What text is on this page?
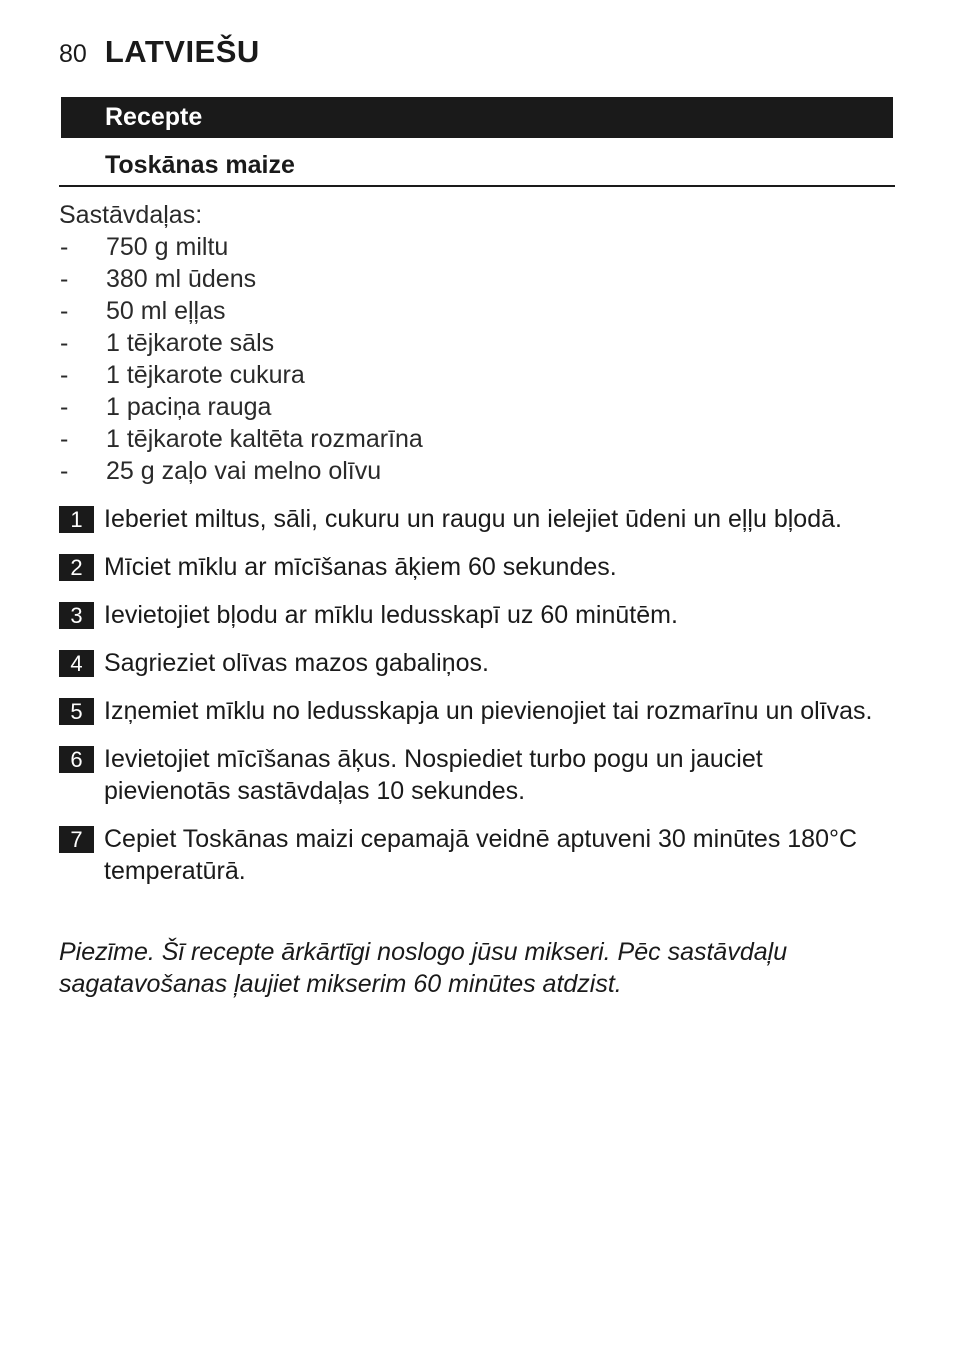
80 LATVIEŠU
Recepte
Toskānas maize
Sastāvdaļas:
-	750 g miltu
-	380 ml ūdens
-	50 ml eļļas
-	1 tējkarote sāls
-	1 tējkarote cukura
-	1 paciņa rauga
-	1 tējkarote kaltēta rozmarīna
-	25 g zaļo vai melno olīvu
1 Ieberiet miltus, sāli, cukuru un raugu un ielejiet ūdeni un eļļu bļodā.
2 Mīciet mīklu ar mīcīšanas āķiem 60 sekundes.
3 Ievietojiet bļodu ar mīklu ledusskapī uz 60 minūtēm.
4 Sagrieziet olīvas mazos gabaliņos.
5 Izņemiet mīklu no ledusskapja un pievienojiet tai rozmarīnu un olīvas.
6 Ievietojiet mīcīšanas āķus. Nospiediet turbo pogu un jauciet pievienotās sastāvdaļas 10 sekundes.
7 Cepiet Toskānas maizi cepamajā veidnē aptuveni 30 minūtes 180°C temperatūrā.
Piezīme. Šī recepte ārkārtīgi noslogo jūsu mikseri. Pēc sastāvdaļu sagatavošanas ļaujiet mikserim 60 minūtes atdzist.
